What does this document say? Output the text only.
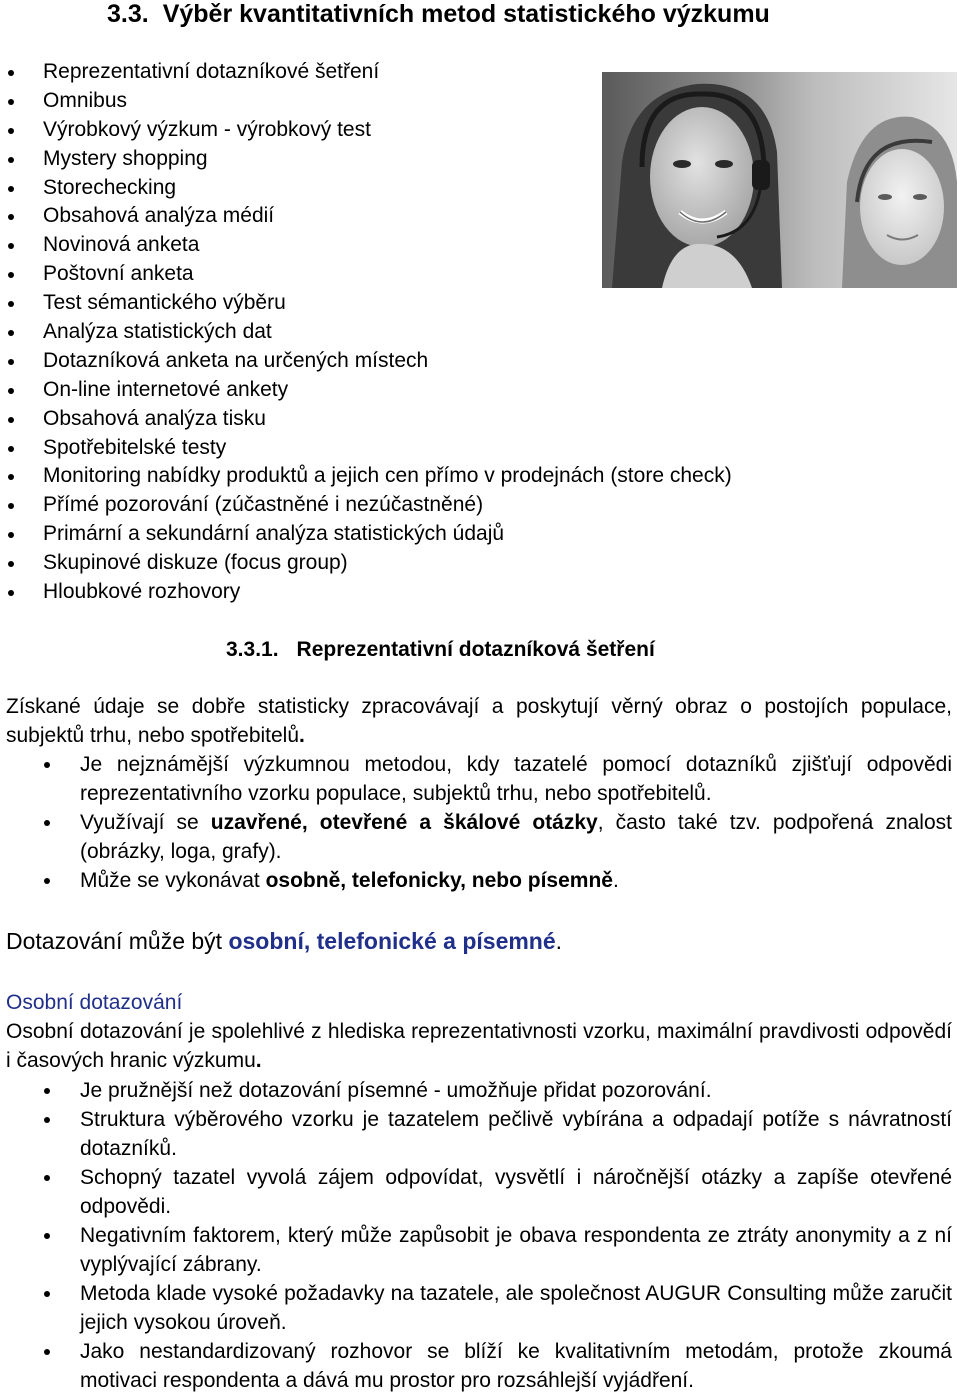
3.3. Výběr kvantitativních metod statistického výzkumu
Reprezentativní dotazníkové šetření
Omnibus
Výrobkový výzkum - výrobkový test
Mystery shopping
Storechecking
Obsahová analýza médií
Novinová anketa
Poštovní anketa
Test sémantického výběru
Analýza statistických dat
Dotazníková anketa na určených místech
On-line internetové ankety
Obsahová analýza tisku
Spotřebitelské testy
Monitoring nabídky produktů a jejich cen přímo v prodejnách (store check)
Přímé pozorování (zúčastněné i nezúčastněné)
Primární a sekundární analýza statistických údajů
Skupinové diskuze (focus group)
Hloubkové rozhovory
3.3.1. Reprezentativní dotazníková šetření
Získané údaje se dobře statisticky zpracovávají a poskytují věrný obraz o postojích populace, subjektů trhu, nebo spotřebitelů.
Je nejznámější výzkumnou metodou, kdy tazatelé pomocí dotazníků zjišťují odpovědi reprezentativního vzorku populace, subjektů trhu, nebo spotřebitelů.
Využívají se uzavřené, otevřené a škálové otázky, často také tzv. podpořená znalost (obrázky, loga, grafy).
Může se vykonávat osobně, telefonicky, nebo písemně.
Dotazování může být osobní, telefonické a písemné.
Osobní dotazování
Osobní dotazování je spolehlivé z hlediska reprezentativnosti vzorku, maximální pravdivosti odpovědí i časových hranic výzkumu.
Je pružnější než dotazování písemné - umožňuje přidat pozorování.
Struktura výběrového vzorku je tazatelem pečlivě vybírána a odpadají potíže s návratností dotazníků.
Schopný tazatel vyvolá zájem odpovídat, vysvětlí i náročnější otázky a zapíše otevřené odpovědi.
Negativním faktorem, který může zapůsobit je obava respondenta ze ztráty anonymity a z ní vyplývající zábrany.
Metoda klade vysoké požadavky na tazatele, ale společnost AUGUR Consulting může zaručit jejich vysokou úroveň.
Jako nestandardizovaný rozhovor se blíží ke kvalitativním metodám, protože zkoumá motivaci respondenta a dává mu prostor pro rozsáhlejší vyjádření.
